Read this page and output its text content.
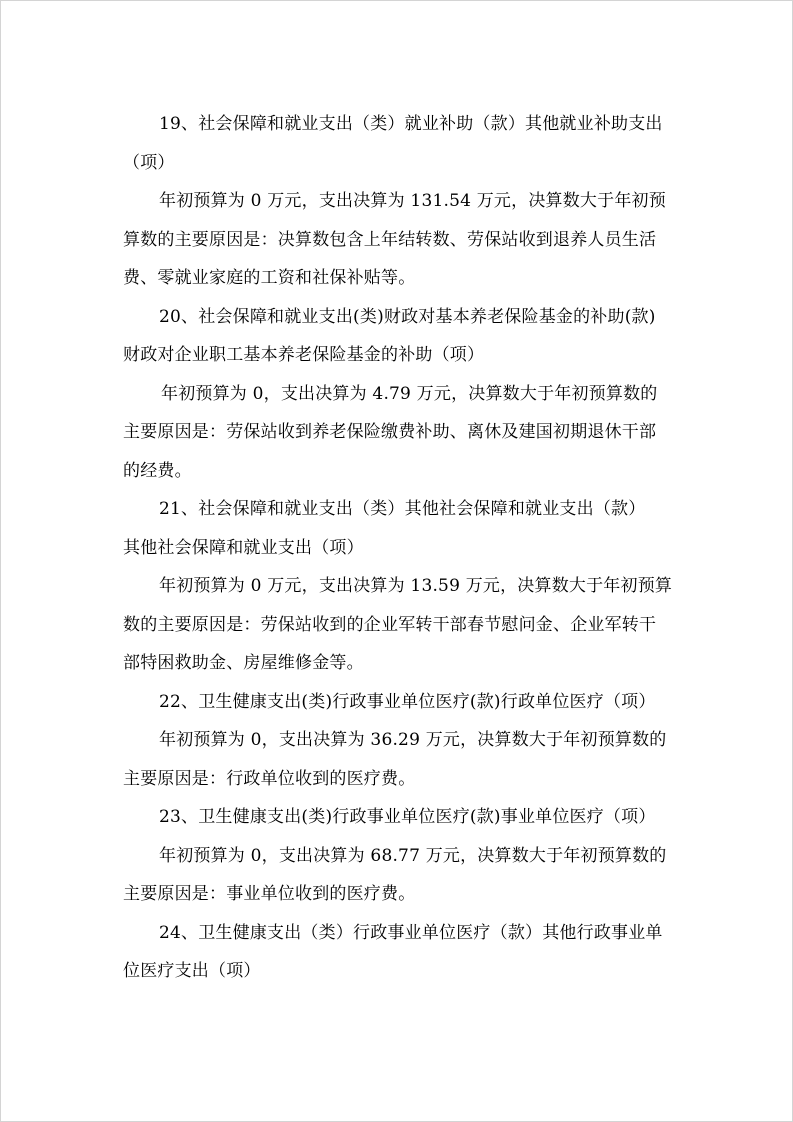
19、社会保障和就业支出（类）就业补助（款）其他就业补助支出
（项）

年初预算为 0 万元，支出决算为 131.54 万元，决算数大于年初预
算数的主要原因是：决算数包含上年结转数、劳保站收到退养人员生活
费、零就业家庭的工资和社保补贴等。

20、社会保障和就业支出(类)财政对基本养老保险基金的补助(款)
财政对企业职工基本养老保险基金的补助（项）

年初预算为 0，支出决算为 4.79 万元，决算数大于年初预算数的
主要原因是：劳保站收到养老保险缴费补助、离休及建国初期退休干部
的经费。

21、社会保障和就业支出（类）其他社会保障和就业支出（款）
其他社会保障和就业支出（项）

年初预算为 0 万元，支出决算为 13.59 万元，决算数大于年初预算
数的主要原因是：劳保站收到的企业军转干部春节慰问金、企业军转干
部特困救助金、房屋维修金等。

22、卫生健康支出(类)行政事业单位医疗(款)行政单位医疗（项）

年初预算为 0，支出决算为 36.29 万元，决算数大于年初预算数的
主要原因是：行政单位收到的医疗费。

23、卫生健康支出(类)行政事业单位医疗(款)事业单位医疗（项）

年初预算为 0，支出决算为 68.77 万元，决算数大于年初预算数的
主要原因是：事业单位收到的医疗费。

24、卫生健康支出（类）行政事业单位医疗（款）其他行政事业单
位医疗支出（项）
